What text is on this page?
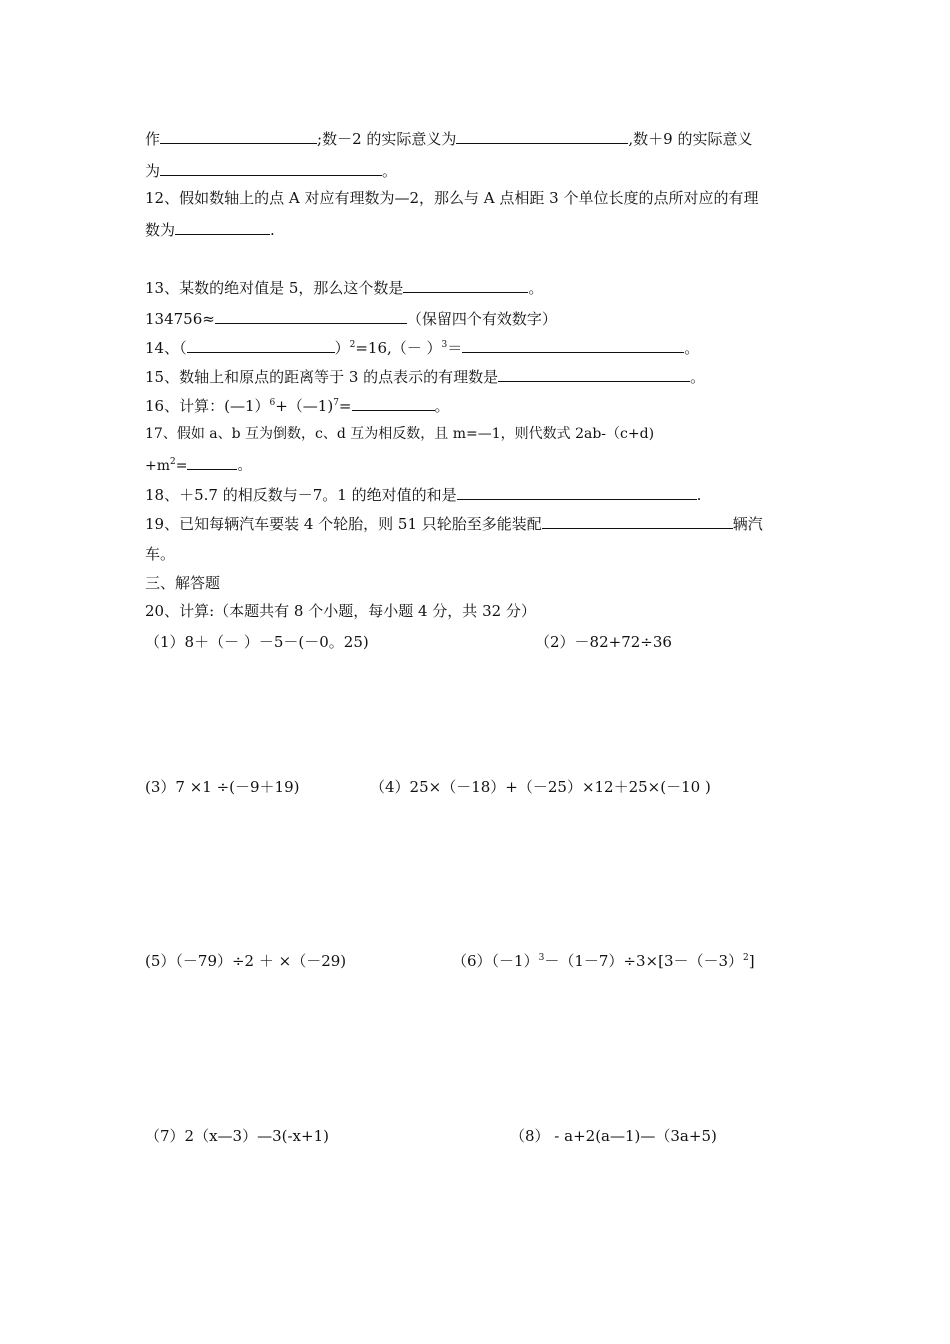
作	;数－2 的实际意义为	,数＋9 的实际意义
为	。
12、假如数轴上的点 A 对应有理数为—2，那么与 A 点相距 3 个单位长度的点所对应的有理
数为	.
13、某数的绝对值是 5，那么这个数是	。
134756≈	（保留四个有效数字）
14、（	）$^2=16,(- )^3=$	。
15、数轴上和原点的距离等于 3 的点表示的有理数是	。
16、计算：(—1）$^6$+（—1)$^7$=	。
17、假如 a、b 互为倒数，c、d 互为相反数，且 m=—1，则代数式 2ab-（c+d)
$+m^2=$	。
18、＋5.7 的相反数与－7。1 的绝对值的和是	.
19、已知每辆汽车要装 4 个轮胎，则 51 只轮胎至多能装配	辆汽
车。
三、解答题
20、计算:（本题共有 8 个小题，每小题 4 分，共 32 分）
（1）8＋（－ ）－5－(－0。25)	（2）－82+72÷36
(3）7 ×1 ÷(－9＋19)	（4）25×（－18）+（－25）×12＋25×(－10 )
(5）（－79）÷2 ＋ ×（－29)	$(6)(-1)^3-(1-7)\div 3\times[3-(-3)^2]$
（7）2（x—3）—3(-x+1)	（8） - a+2(a—1)—（3a+5)
